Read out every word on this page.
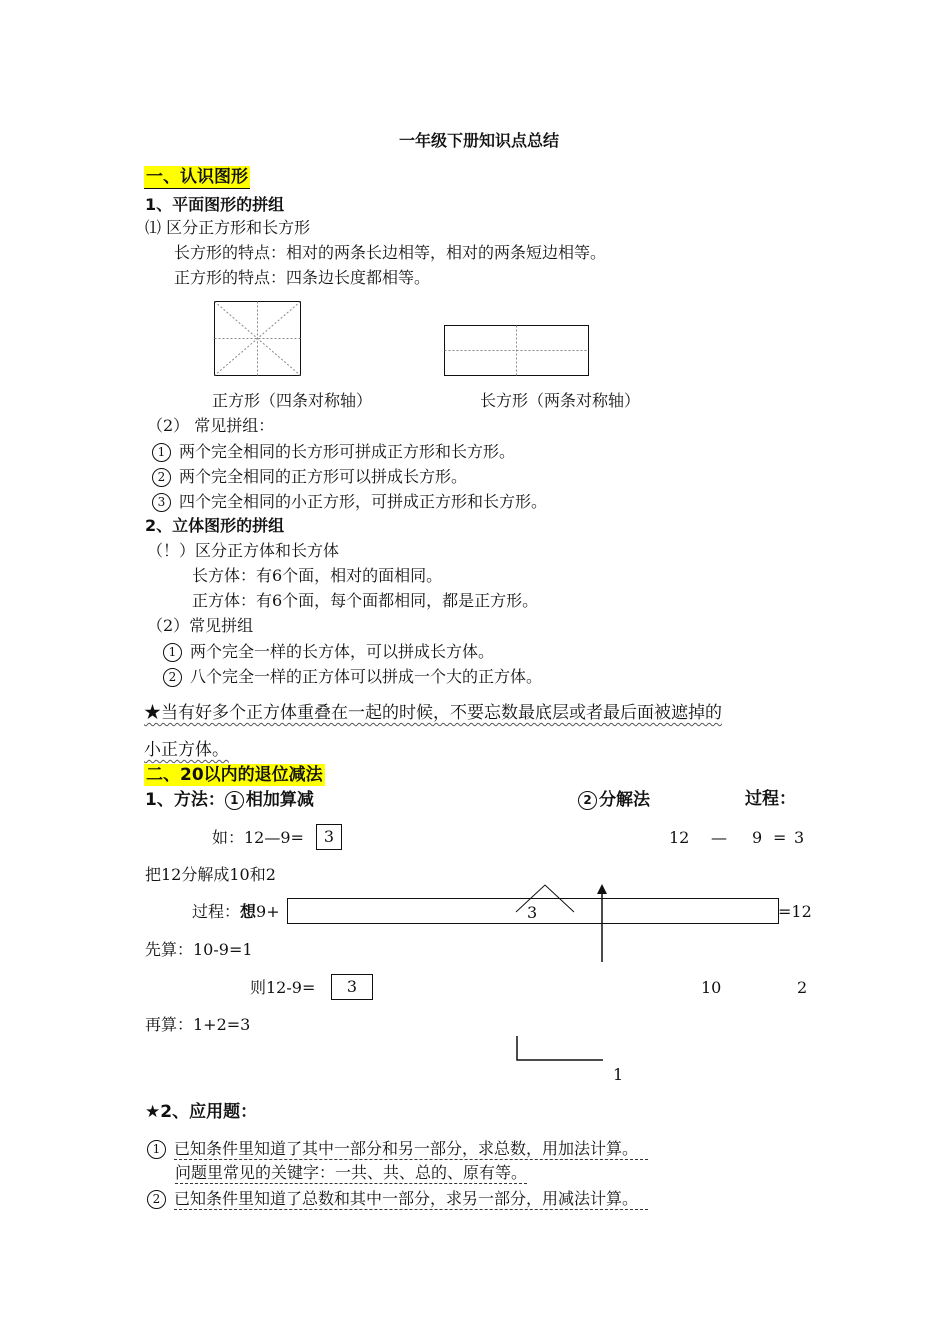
一年级下册知识点总结
一、认识图形
1、平面图形的拼组
⑴ 区分正方形和长方形
长方形的特点：相对的两条长边相等，相对的两条短边相等。
正方形的特点：四条边长度都相等。
正方形（四条对称轴）	长方形（两条对称轴）
（2） 常见拼组：
1 两个完全相同的长方形可拼成正方形和长方形。
2 两个完全相同的正方形可以拼成长方形。
3 四个完全相同的小正方形，可拼成正方形和长方形。
2、立体图形的拼组
（！）区分正方体和长方体
长方体：有6个面，相对的面相同。
正方体：有6个面，每个面都相同，都是正方形。
（2）常见拼组
1 两个完全一样的长方体，可以拼成长方体。
2 八个完全一样的正方体可以拼成一个大的正方体。
★当有好多个正方体重叠在一起的时候，不要忘数最底层或者最后面被遮掉的
小正方体。
二、20以内的退位减法
1、方法： 1 相加算减	2 分解法	过程：
如：12—9=	3	12 — 9 = 3
把12分解成10和2
过程：想9+	3	=12
先算：10-9=1
则12-9=	3	10	2
再算：1+2=3
1
★2、应用题：
1 已知条件里知道了其中一部分和另一部分，求总数，用加法计算。
问题里常见的关键字：一共、共、总的、原有等。
2 已知条件里知道了总数和其中一部分，求另一部分，用减法计算。
